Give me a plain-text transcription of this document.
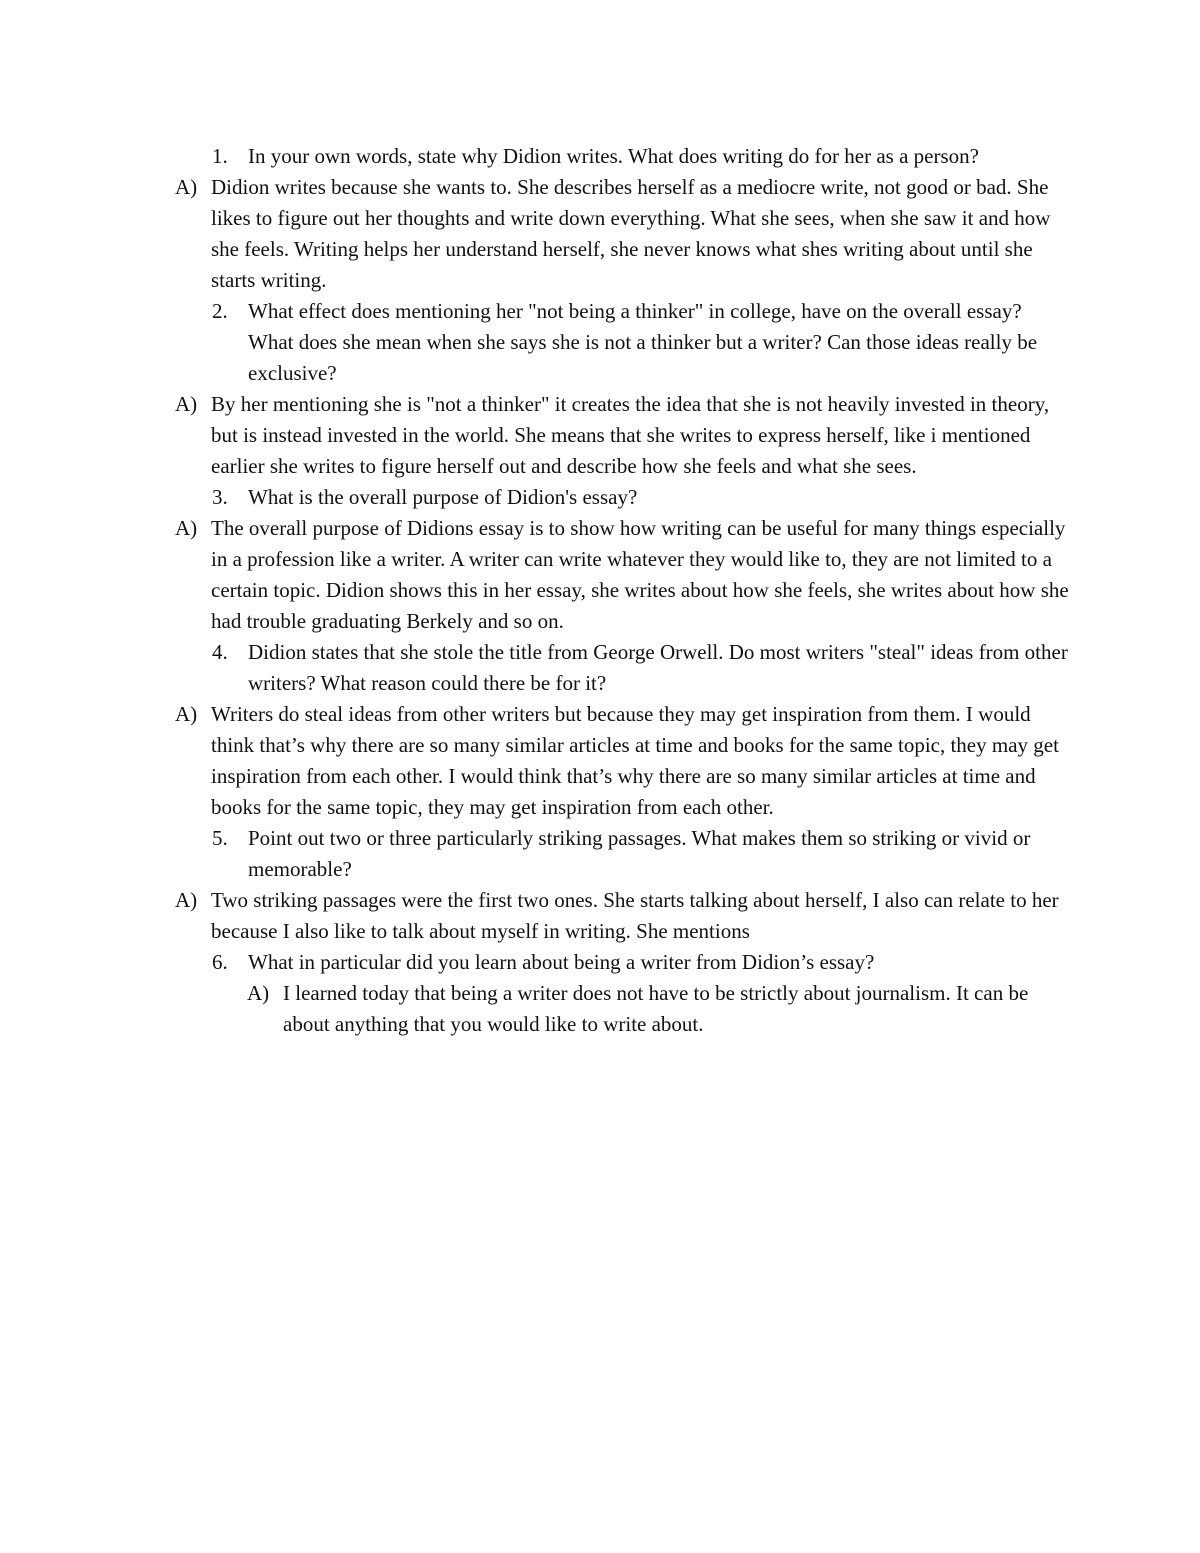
1. In your own words, state why Didion writes. What does writing do for her as a person?
A) Didion writes because she wants to. She describes herself as a mediocre write, not good or bad. She likes to figure out her thoughts and write down everything. What she sees, when she saw it and how she feels. Writing helps her understand herself, she never knows what shes writing about until she starts writing.
2. What effect does mentioning her "not being a thinker" in college, have on the overall essay? What does she mean when she says she is not a thinker but a writer? Can those ideas really be exclusive?
A) By her mentioning she is "not a thinker" it creates the idea that she is not heavily invested in theory, but is instead invested in the world. She means that she writes to express herself, like i mentioned earlier she writes to figure herself out and describe how she feels and what she sees.
3. What is the overall purpose of Didion's essay?
A) The overall purpose of Didions essay is to show how writing can be useful for many things especially in a profession like a writer. A writer can write whatever they would like to, they are not limited to a certain topic. Didion shows this in her essay, she writes about how she feels, she writes about how she had trouble graduating Berkely and so on.
4. Didion states that she stole the title from George Orwell. Do most writers "steal" ideas from other writers? What reason could there be for it?
A) Writers do steal ideas from other writers but because they may get inspiration from them. I would think that’s why there are so many similar articles at time and books for the same topic, they may get inspiration from each other. I would think that’s why there are so many similar articles at time and books for the same topic, they may get inspiration from each other.
5. Point out two or three particularly striking passages. What makes them so striking or vivid or memorable?
A) Two striking passages were the first two ones. She starts talking about herself, I also can relate to her because I also like to talk about myself in writing. She mentions
6. What in particular did you learn about being a writer from Didion’s essay?
A) I learned today that being a writer does not have to be strictly about journalism. It can be about anything that you would like to write about.
